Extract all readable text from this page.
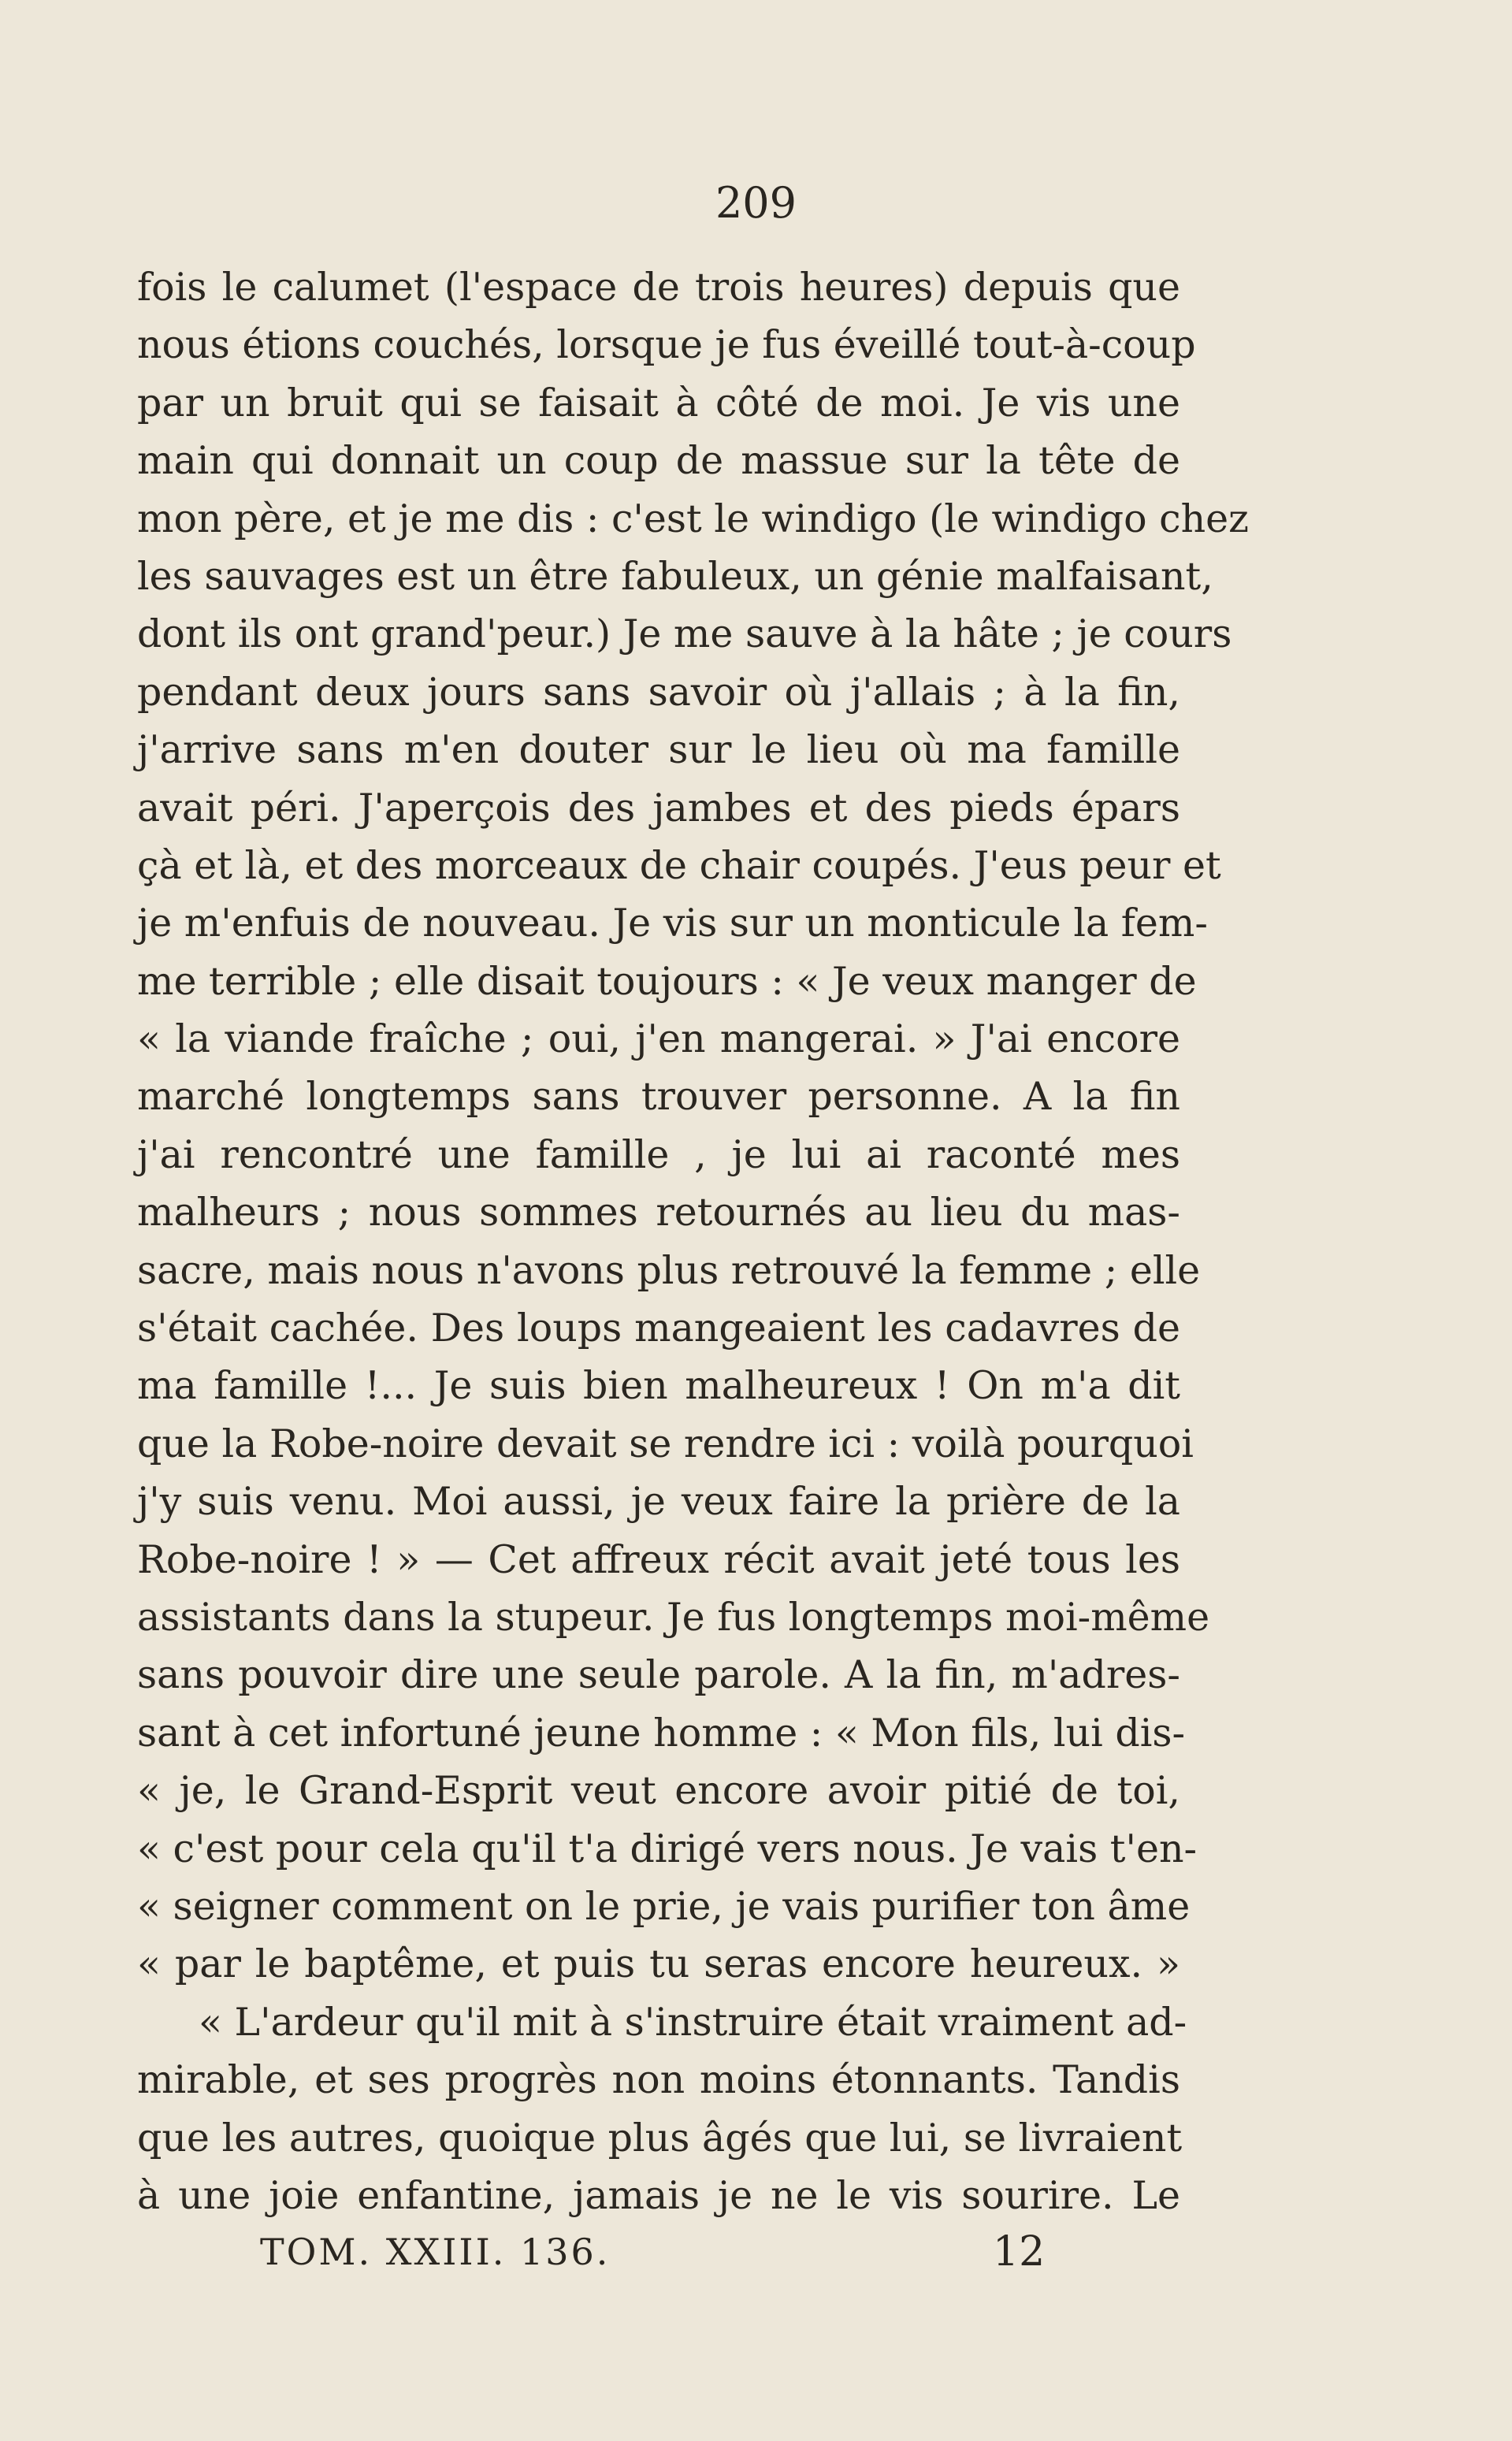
209
fois le calumet (l'espace de trois heures) depuis que
nous étions couchés, lorsque je fus éveillé tout-à-coup
par un bruit qui se faisait à côté de moi. Je vis une
main qui donnait un coup de massue sur la tête de
mon père, et je me dis : c'est le windigo (le windigo chez
les sauvages est un être fabuleux, un génie malfaisant,
dont ils ont grand'peur.) Je me sauve à la hâte ; je cours
pendant deux jours sans savoir où j'allais ; à la fin,
j'arrive sans m'en douter sur le lieu où ma famille
avait péri. J'aperçois des jambes et des pieds épars
çà et là, et des morceaux de chair coupés. J'eus peur et
je m'enfuis de nouveau. Je vis sur un monticule la fem-
me terrible ; elle disait toujours : « Je veux manger de
« la viande fraîche ; oui, j'en mangerai. » J'ai encore
marché longtemps sans trouver personne. A la fin
j'ai rencontré une famille , je lui ai raconté mes
malheurs ; nous sommes retournés au lieu du mas-
sacre, mais nous n'avons plus retrouvé la femme ; elle
s'était cachée. Des loups mangeaient les cadavres de
ma famille !... Je suis bien malheureux ! On m'a dit
que la Robe-noire devait se rendre ici : voilà pourquoi
j'y suis venu. Moi aussi, je veux faire la prière de la
Robe-noire ! » — Cet affreux récit avait jeté tous les
assistants dans la stupeur. Je fus longtemps moi-même
sans pouvoir dire une seule parole. A la fin, m'adres-
sant à cet infortuné jeune homme : « Mon fils, lui dis-
« je, le Grand-Esprit veut encore avoir pitié de toi,
« c'est pour cela qu'il t'a dirigé vers nous. Je vais t'en-
« seigner comment on le prie, je vais purifier ton âme
« par le baptême, et puis tu seras encore heureux. »
« L'ardeur qu'il mit à s'instruire était vraiment ad-
mirable, et ses progrès non moins étonnants. Tandis
que les autres, quoique plus âgés que lui, se livraient
à une joie enfantine, jamais je ne le vis sourire. Le
TOM. XXIII. 136.	12
